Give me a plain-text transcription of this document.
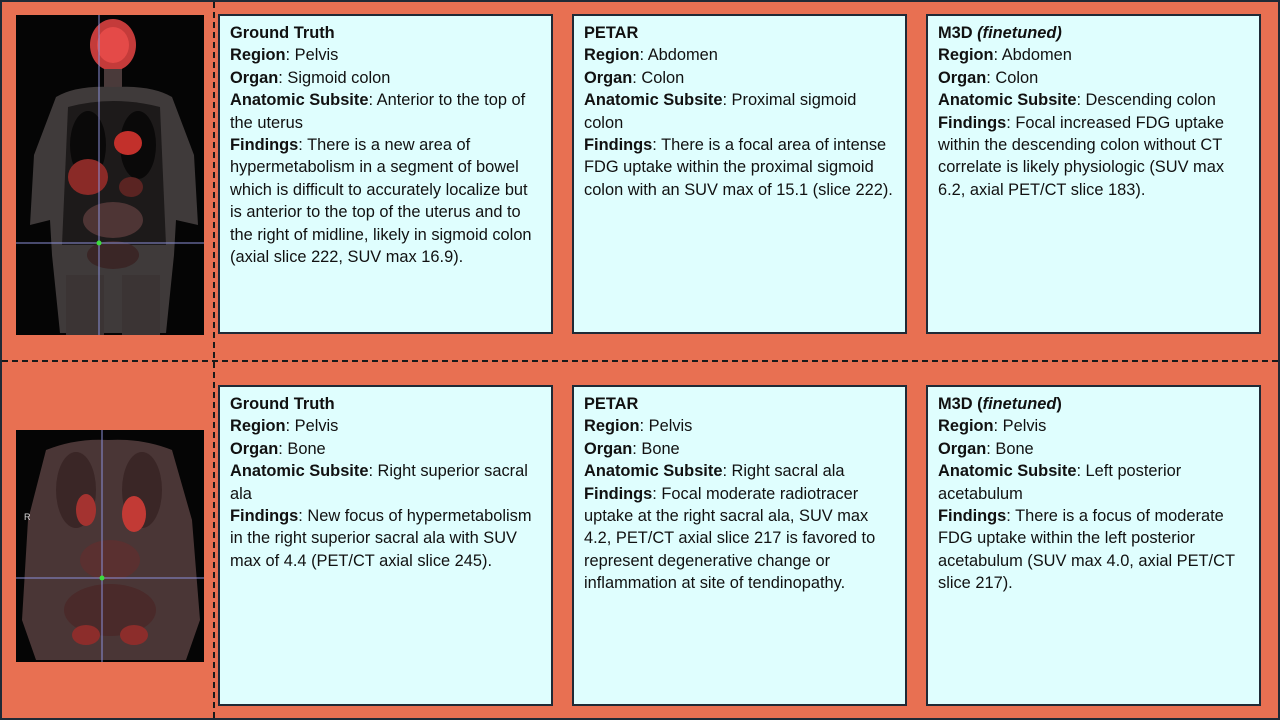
R
Ground Truth
Region: Pelvis
Organ: Sigmoid colon
Anatomic Subsite: Anterior to the top of the uterus
Findings: There is a new area of hypermetabolism in a segment of bowel which is difficult to accurately localize but is anterior to the top of the uterus and to the right of midline, likely in sigmoid colon (axial slice 222, SUV max 16.9).
PETAR
Region: Abdomen
Organ: Colon
Anatomic Subsite: Proximal sigmoid colon
Findings: There is a focal area of intense FDG uptake within the proximal sigmoid colon with an SUV max of 15.1 (slice 222).
M3D (finetuned)
Region: Abdomen
Organ: Colon
Anatomic Subsite: Descending colon
Findings: Focal increased FDG uptake within the descending colon without CT correlate is likely physiologic (SUV max 6.2, axial PET/CT slice 183).
Ground Truth
Region: Pelvis
Organ: Bone
Anatomic Subsite: Right superior sacral ala
Findings: New focus of hypermetabolism in the right superior sacral ala with SUV max of 4.4 (PET/CT axial slice 245).
PETAR
Region: Pelvis
Organ: Bone
Anatomic Subsite: Right sacral ala
Findings: Focal moderate radiotracer uptake at the right sacral ala, SUV max 4.2, PET/CT axial slice 217 is favored to represent degenerative change or inflammation at site of tendinopathy.
M3D (finetuned)
Region: Pelvis
Organ: Bone
Anatomic Subsite: Left posterior acetabulum
Findings: There is a focus of moderate FDG uptake within the left posterior acetabulum (SUV max 4.0, axial PET/CT slice 217).
